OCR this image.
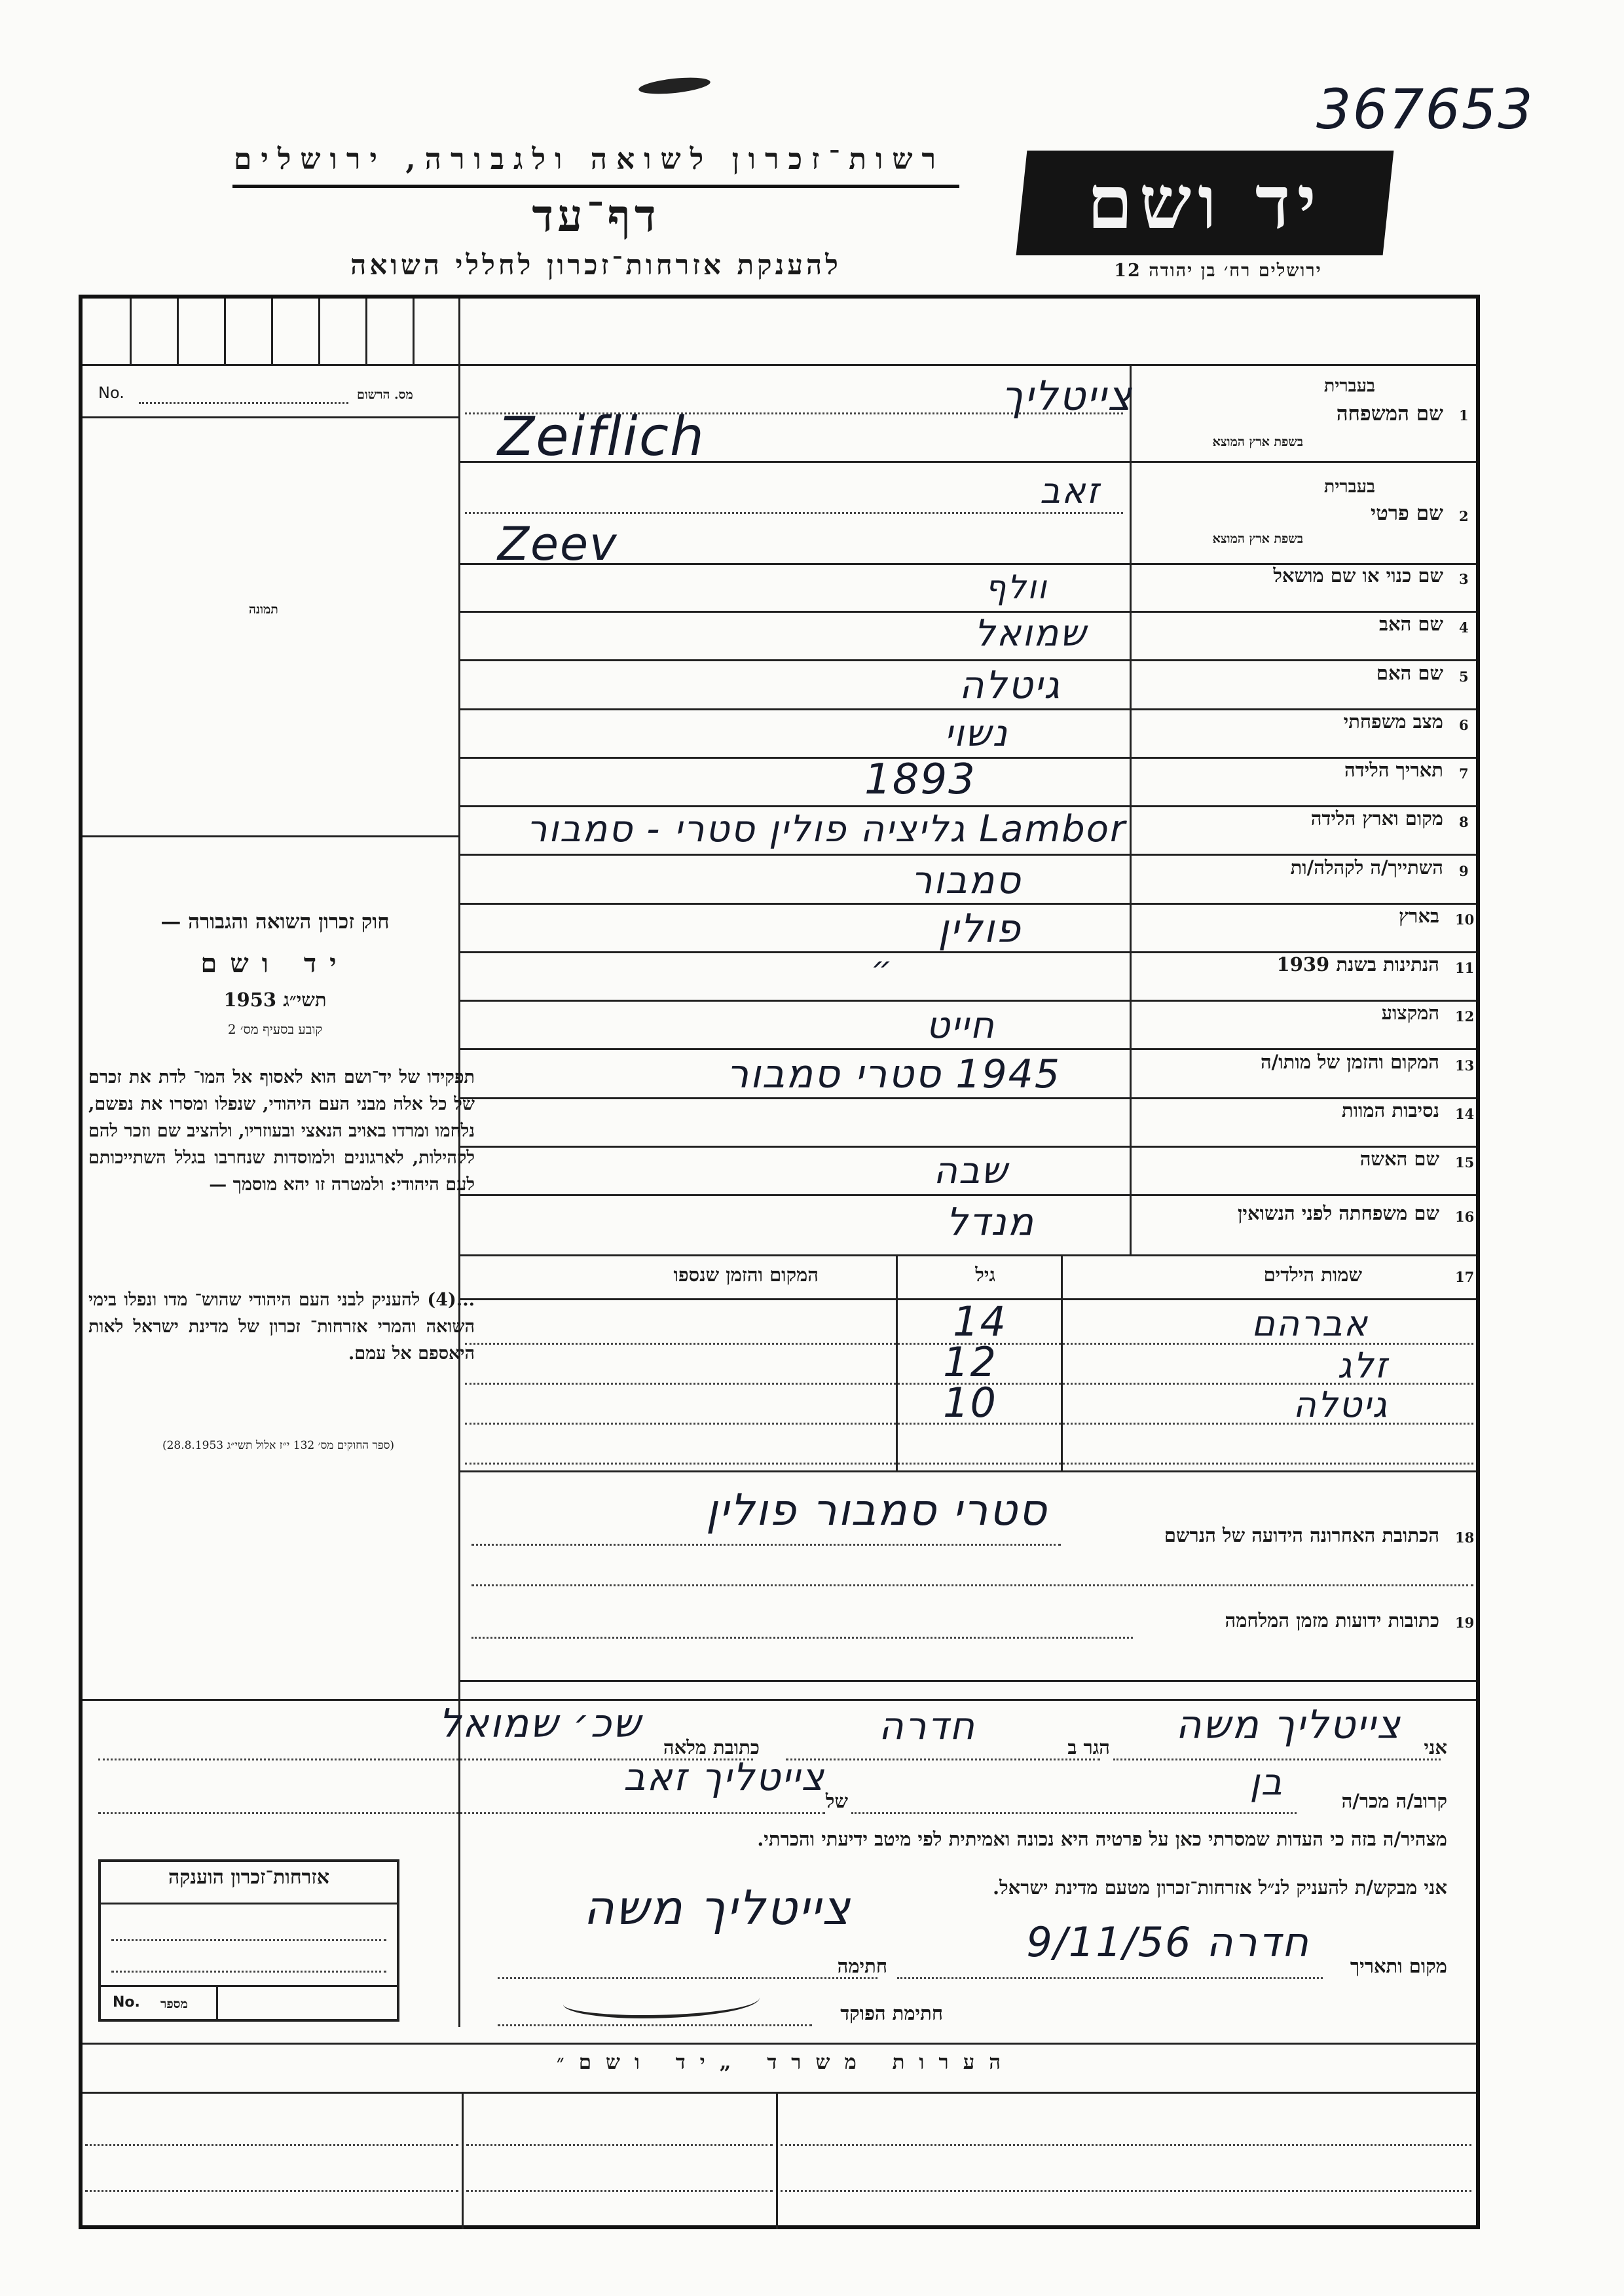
367653
רשות־זכרון לשואה ולגבורה, ירושלים
דף־עד
להענקת אזרחות־זכרון לחללי השואה
יד ושם
ירושלים רח׳ בן יהודה 12
No.	מס. הרשום
תמונה
חוק זכרון השואה והגבורה —
יד ושם
תשי״ג 1953
קובע בסעיף מס׳ 2
תפקידו של יד־ושם הוא לאסוף אל המו־ לדת את זכרם של כל אלה מבני העם היהודי, שנפלו ומסרו את נפשם, נלחמו ומרדו באויב הנאצי ובעוזריו, ולהציב שם וזכר להם לקהילות, לארגונים ולמוסדות שנחרבו בגלל השתייכותם לעם היהודי: ולמטרה זו יהא מוסמך —
...(4) להעניק לבני העם היהודי שהוש־ מדו ונפלו בימי השואה והמרי אזרחות־ זכרון של מדינת ישראל לאות היאספם אל עמם.
(ספר החוקים מס׳ 132 י״ז אלול תשי״ג 28.8.1953)
1
שם המשפחה
בעברית
בשפת ארץ המוצא
2
שם פרטי
בעברית
בשפת ארץ המוצא
3
שם כנוי או שם מושאל
4
שם האב
5
שם האם
6
מצב משפחתי
7
תאריך הלידה
8
מקום וארץ הלידה
9
השתייך/ה לקהלה/ות
10
בארץ
11
הנתינות בשנת 1939
12
המקצוע
13
המקום והזמן של מותו/ה
14
נסיבות המוות
15
שם האשה
16
שם משפחתה לפני הנשואין
צייטליך
Zeiflich
זאב
Zeev
וולף
שמואל
גיטלה
נשוי
1893
Lambor גליציה פולין סטרי - סמבור
סמבור
פולין
״
חייט
1945 סטרי סמבור
שבה
מנדל
17
שמות הילדים
גיל
המקום והזמן שנספו
אברהם
14
זלג
12
גיטלה
10
18
הכתובת האחרונה הידועה של הנרשם
סטרי סמבור פולין
19
כתובות ידועות מזמן המלחמה
אני
צייטליך משה
הגר ב
חדרה
כתובת מלאה
שכ׳ שמואל
קרוב/ה מכר/ה
בן
של
צייטליך זאב
מצהיר/ה בזה כי העדות שמסרתי כאן על פרטיה היא נכונה ואמיתית לפי מיטב ידיעתי והכרתי.
אני מבקש/ת להעניק לנ״ל אזרחות־זכרון מטעם מדינת ישראל.
מקום ותאריך
חדרה 9/11/56
חתימה
צייטליך משה
חתימת הפוקד
אזרחות־זכרון הוענקה
No. מספר
הערות משרד „יד ושם״
